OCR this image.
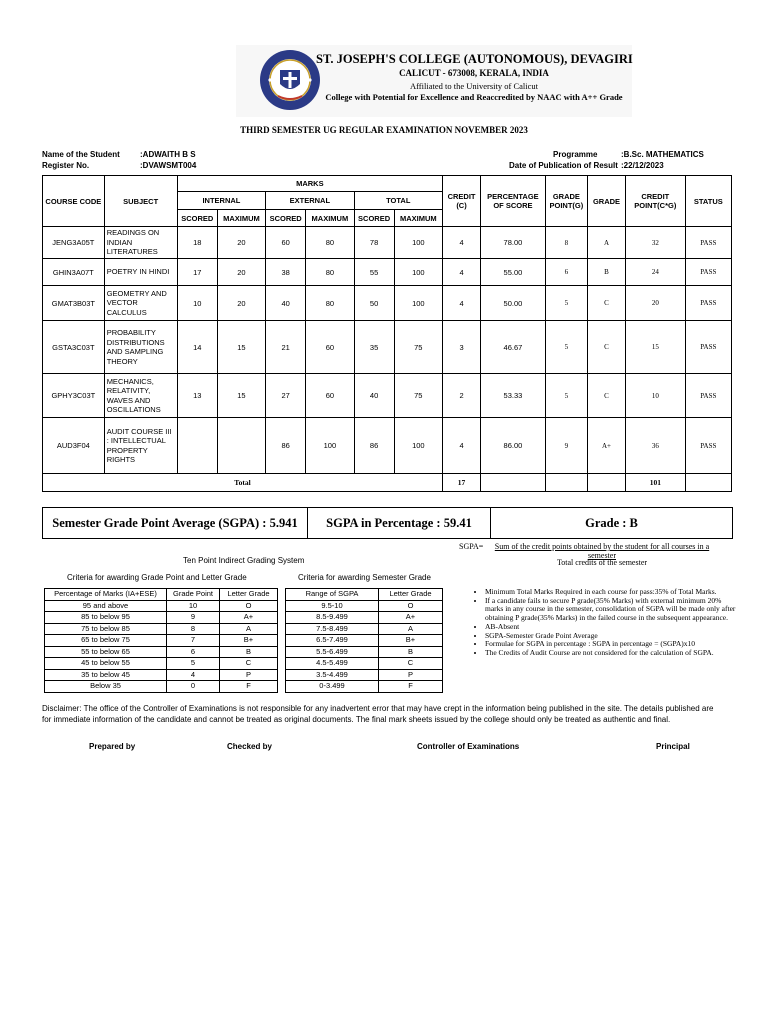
ST. JOSEPH'S COLLEGE (AUTONOMOUS), DEVAGIRI
CALICUT - 673008, KERALA, INDIA
Affiliated to the University of Calicut
College with Potential for Excellence and Reaccredited by NAAC with A++ Grade
THIRD SEMESTER UG REGULAR EXAMINATION NOVEMBER 2023
Name of the Student	:ADWAITH B S
Register No.	:DVAWSMT004
Programme	:B.Sc. MATHEMATICS
Date of Publication of Result :22/12/2023
COURSE CODE	SUBJECT	MARKS						CREDIT (C)	PERCENTAGE OF SCORE	GRADE POINT(G)	GRADE	CREDIT POINT(C*G)	STATUS
		INTERNAL		EXTERNAL		TOTAL							
		SCORED	MAXIMUM	SCORED	MAXIMUM	SCORED	MAXIMUM						
JENG3A05T	READINGS ON INDIAN LITERATURES	18	20	60	80	78	100	4	78.00	8	A	32	PASS
GHIN3A07T	POETRY IN HINDI	17	20	38	80	55	100	4	55.00	6	B	24	PASS
GMAT3B03T	GEOMETRY AND VECTOR CALCULUS	10	20	40	80	50	100	4	50.00	5	C	20	PASS
GSTA3C03T	PROBABILITY DISTRIBUTIONS AND SAMPLING THEORY	14	15	21	60	35	75	3	46.67	5	C	15	PASS
GPHY3C03T	MECHANICS, RELATIVITY, WAVES AND OSCILLATIONS	13	15	27	60	40	75	2	53.33	5	C	10	PASS
AUD3F04	AUDIT COURSE III : INTELLECTUAL PROPERTY RIGHTS			86	100	86	100	4	86.00	9	A+	36	PASS
Total								17				101	
Semester Grade Point Average (SGPA) : 5.941	SGPA in Percentage : 59.41	Grade : B
SGPA=	Sum of the credit points obtained by the student for all courses in a semester
Total credits of the semester
Ten Point Indirect Grading System
Criteria for awarding Grade Point and Letter Grade	Criteria for awarding Semester Grade
Percentage of Marks (IA+ESE)	Grade Point	Letter Grade
95 and above	10	O
85 to below 95	9	A+
75 to below 85	8	A
65 to below 75	7	B+
55 to below 65	6	B
45 to below 55	5	C
35 to below 45	4	P
Below 35	0	F
Range of SGPA	Letter Grade
9.5-10	O
8.5-9.499	A+
7.5-8.499	A
6.5-7.499	B+
5.5-6.499	B
4.5-5.499	C
3.5-4.499	P
0-3.499	F
• Minimum Total Marks Required in each course for pass:35% of Total Marks.
• If a candidate fails to secure P grade(35% Marks) with external minimum 20% marks in any course in the semester, consolidation of SGPA will be made only after obtaining P grade(35% Marks) in the failed course in the subsequent appearance.
• AB-Absent
• SGPA-Semester Grade Point Average
• Formulae for SGPA in percentage : SGPA in percentage = (SGPA)x10
• The Credits of Audit Course are not considered for the calculation of SGPA.
Disclaimer: The office of the Controller of Examinations is not responsible for any inadvertent error that may have crept in the information being published in the site. The details published are for immediate information of the candidate and cannot be treated as original documents. The final mark sheets issued by the college should only be treated as authentic and final.
Prepared by	Checked by	Controller of Examinations	Principal
